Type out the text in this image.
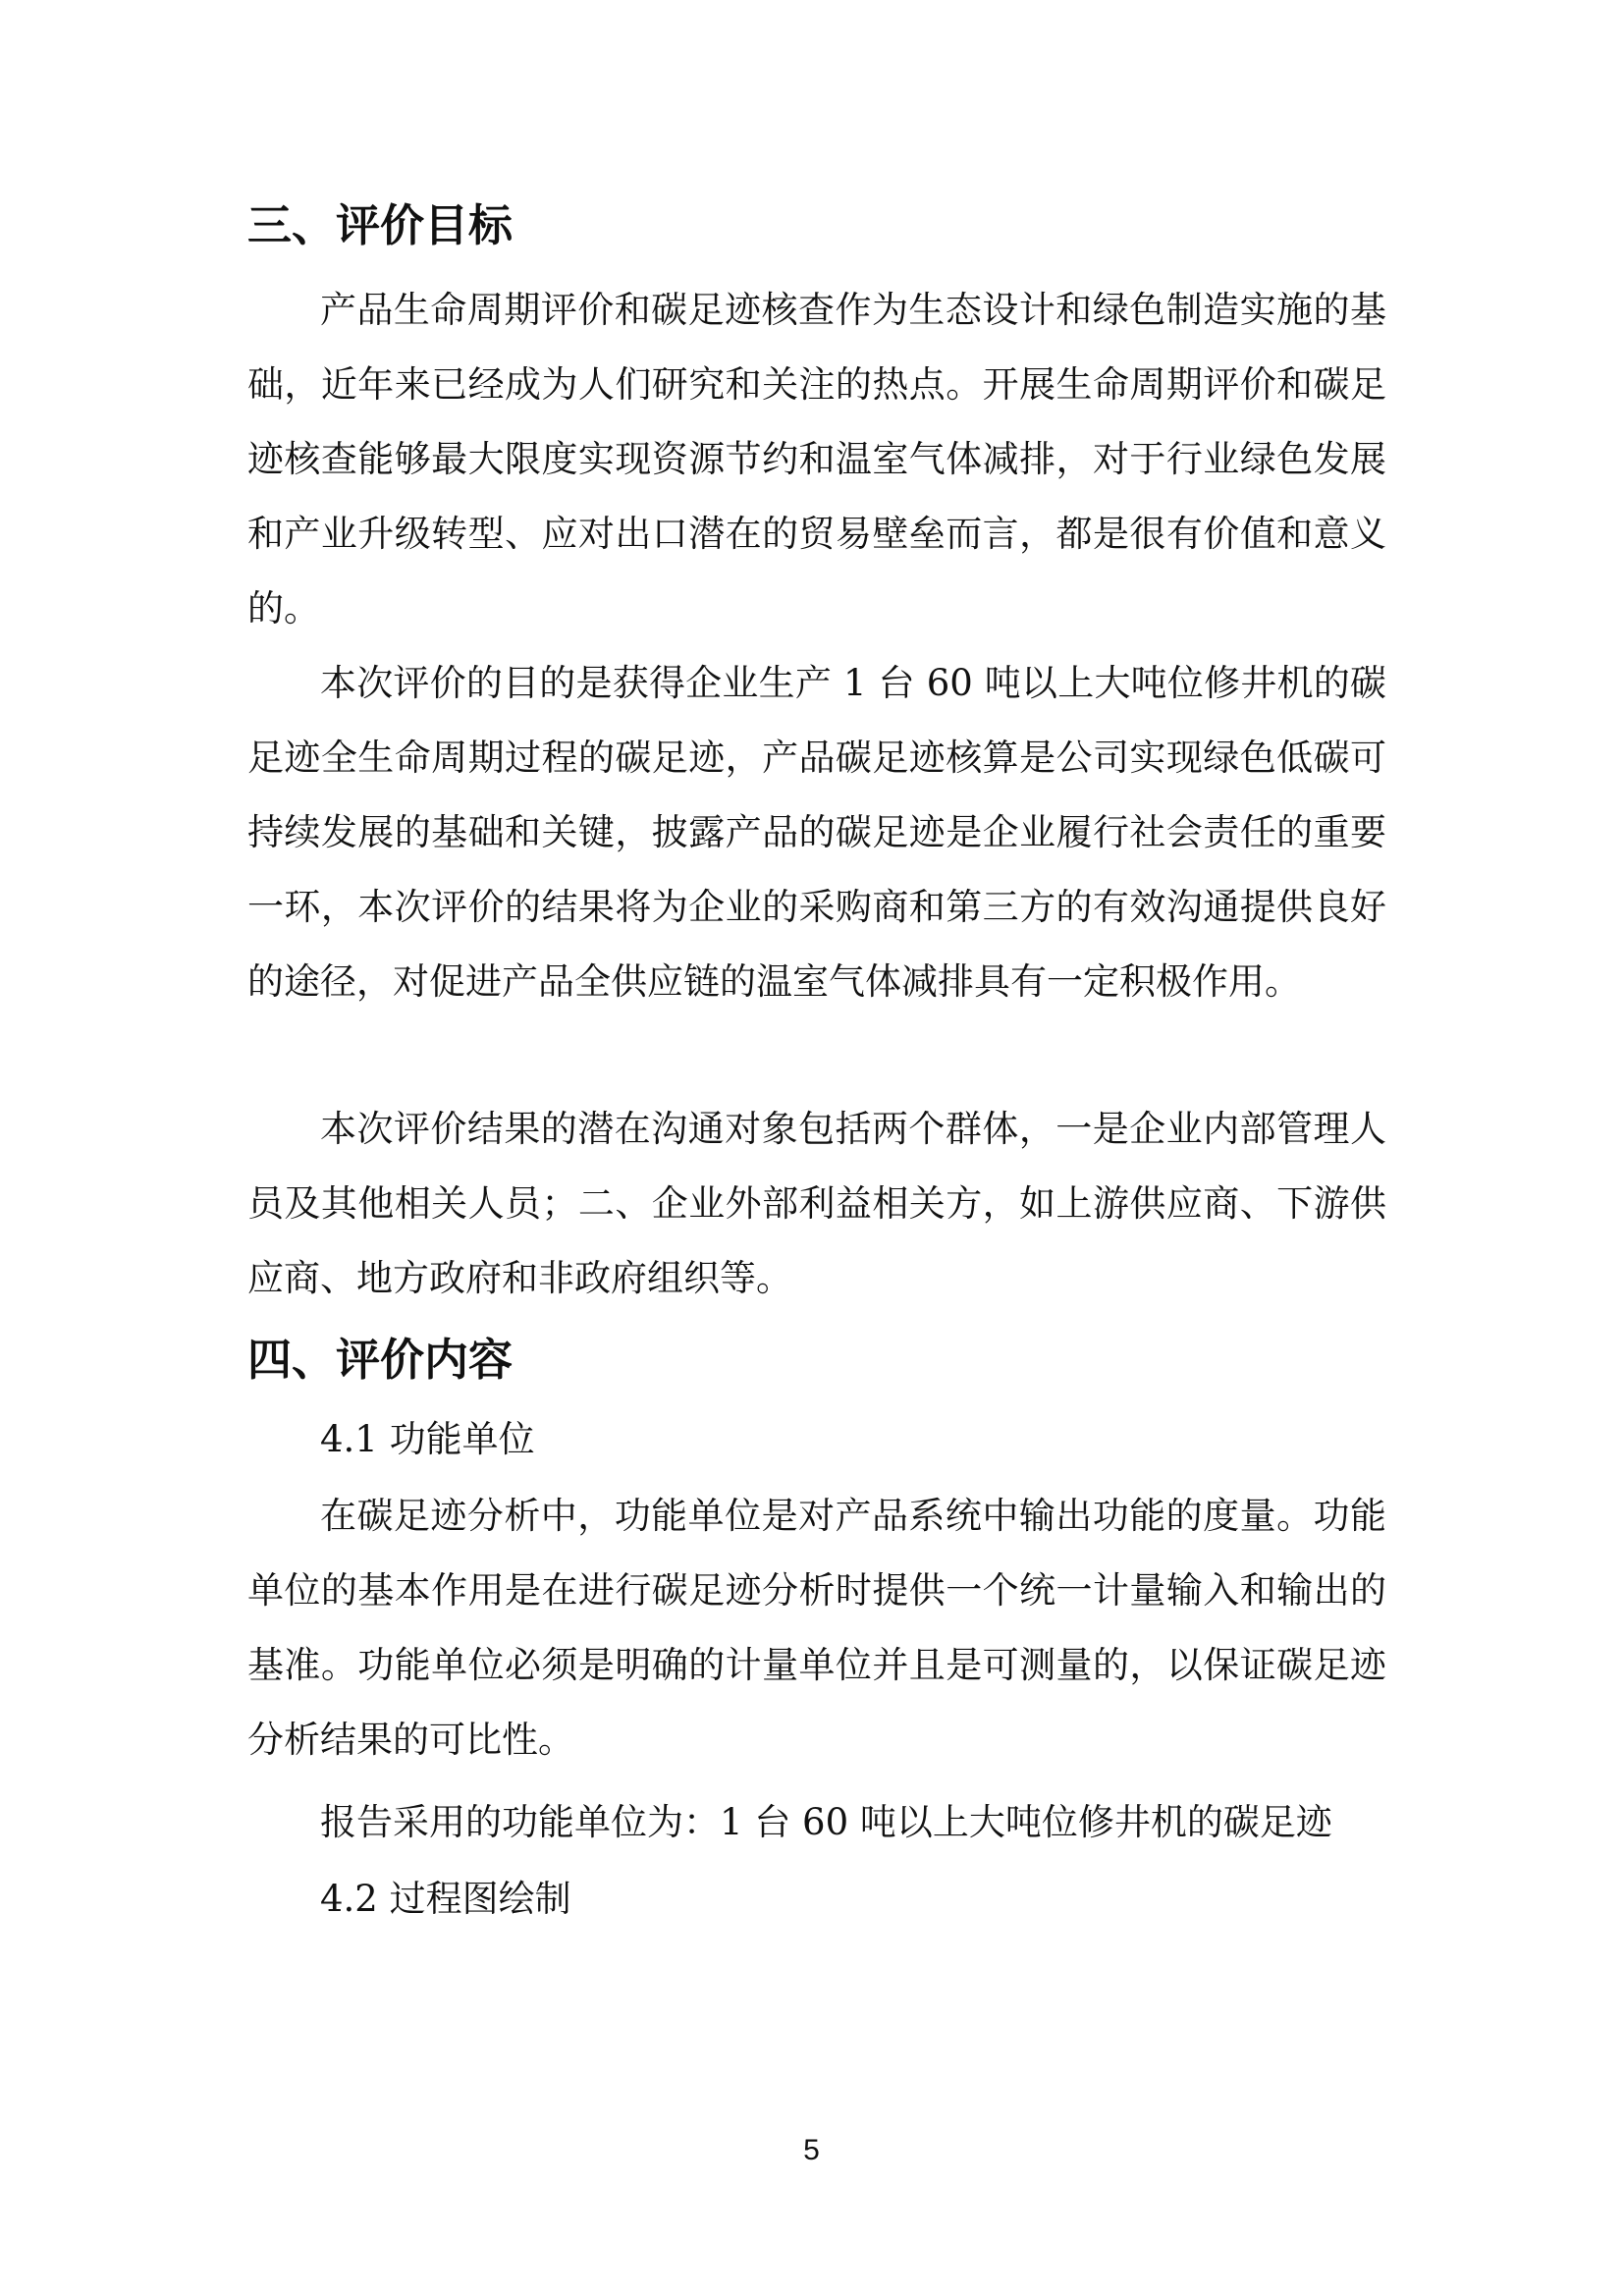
三、评价目标

产品生命周期评价和碳足迹核查作为生态设计和绿色制造实施的基础，近年来已经成为人们研究和关注的热点。开展生命周期评价和碳足迹核查能够最大限度实现资源节约和温室气体减排，对于行业绿色发展和产业升级转型、应对出口潜在的贸易壁垒而言，都是很有价值和意义的。

本次评价的目的是获得企业生产 1 台 60 吨以上大吨位修井机的碳足迹全生命周期过程的碳足迹，产品碳足迹核算是公司实现绿色低碳可持续发展的基础和关键，披露产品的碳足迹是企业履行社会责任的重要一环，本次评价的结果将为企业的采购商和第三方的有效沟通提供良好的途径，对促进产品全供应链的温室气体减排具有一定积极作用。

本次评价结果的潜在沟通对象包括两个群体，一是企业内部管理人员及其他相关人员；二、企业外部利益相关方，如上游供应商、下游供应商、地方政府和非政府组织等。

四、评价内容
4.1 功能单位

在碳足迹分析中，功能单位是对产品系统中输出功能的度量。功能单位的基本作用是在进行碳足迹分析时提供一个统一计量输入和输出的基准。功能单位必须是明确的计量单位并且是可测量的，以保证碳足迹分析结果的可比性。

报告采用的功能单位为：1 台 60 吨以上大吨位修井机的碳足迹
4.2 过程图绘制
5
